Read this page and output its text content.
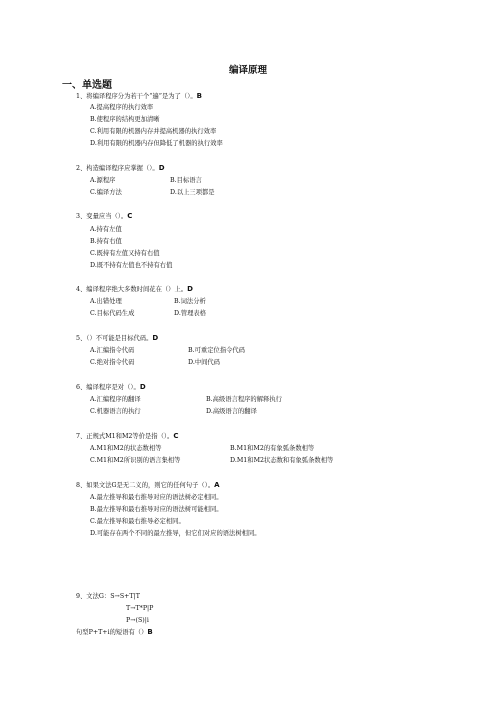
编译原理
一、单选题
1、将编译程序分为若干个“遍”是为了（）。B
A.提高程序的执行效率
B.使程序的结构更加清晰
C.利用有限的机器内存并提高机器的执行效率
D.利用有限的机器内存但降低了机器的执行效率
2、构造编译程序应掌握（）。D
A.源程序	B.目标语言
C.编译方法	D.以上三项都是
3、变量应当（）。C
A.持有左值
B.持有右值
C.既持有左值又持有右值
D.既不持有左值也不持有右值
4、编译程序绝大多数时间花在（）上。D
A.出错处理	B.词法分析
C.目标代码生成	D.管理表格
5、（）不可能是目标代码。D
A.汇编指令代码	B.可重定位指令代码
C.绝对指令代码	D.中间代码
6、编译程序是对（）。D
A.汇编程序的翻译	B.高级语言程序的解释执行
C.机器语言的执行	D.高级语言的翻译
7、正规式M1和M2等价是指（）。C
A.M1和M2的状态数相等	B.M1和M2的有象弧条数相等
C.M1和M2所识别的语言集相等	D.M1和M2状态数和有象弧条数相等
8、如果文法G是无二义的，则它的任何句子（）。A
A.最左推导和最右推导对应的语法树必定相同。
B.最左推导和最右推导对应的语法树可能相同。
C.最左推导和最右推导必定相同。
D.可能存在两个不同的最左推导，但它们对应的语法树相同。
9、文法G：S→S+T|T
T→T*P|P
P→(S)|i
句型P+T+i的短语有（）B
